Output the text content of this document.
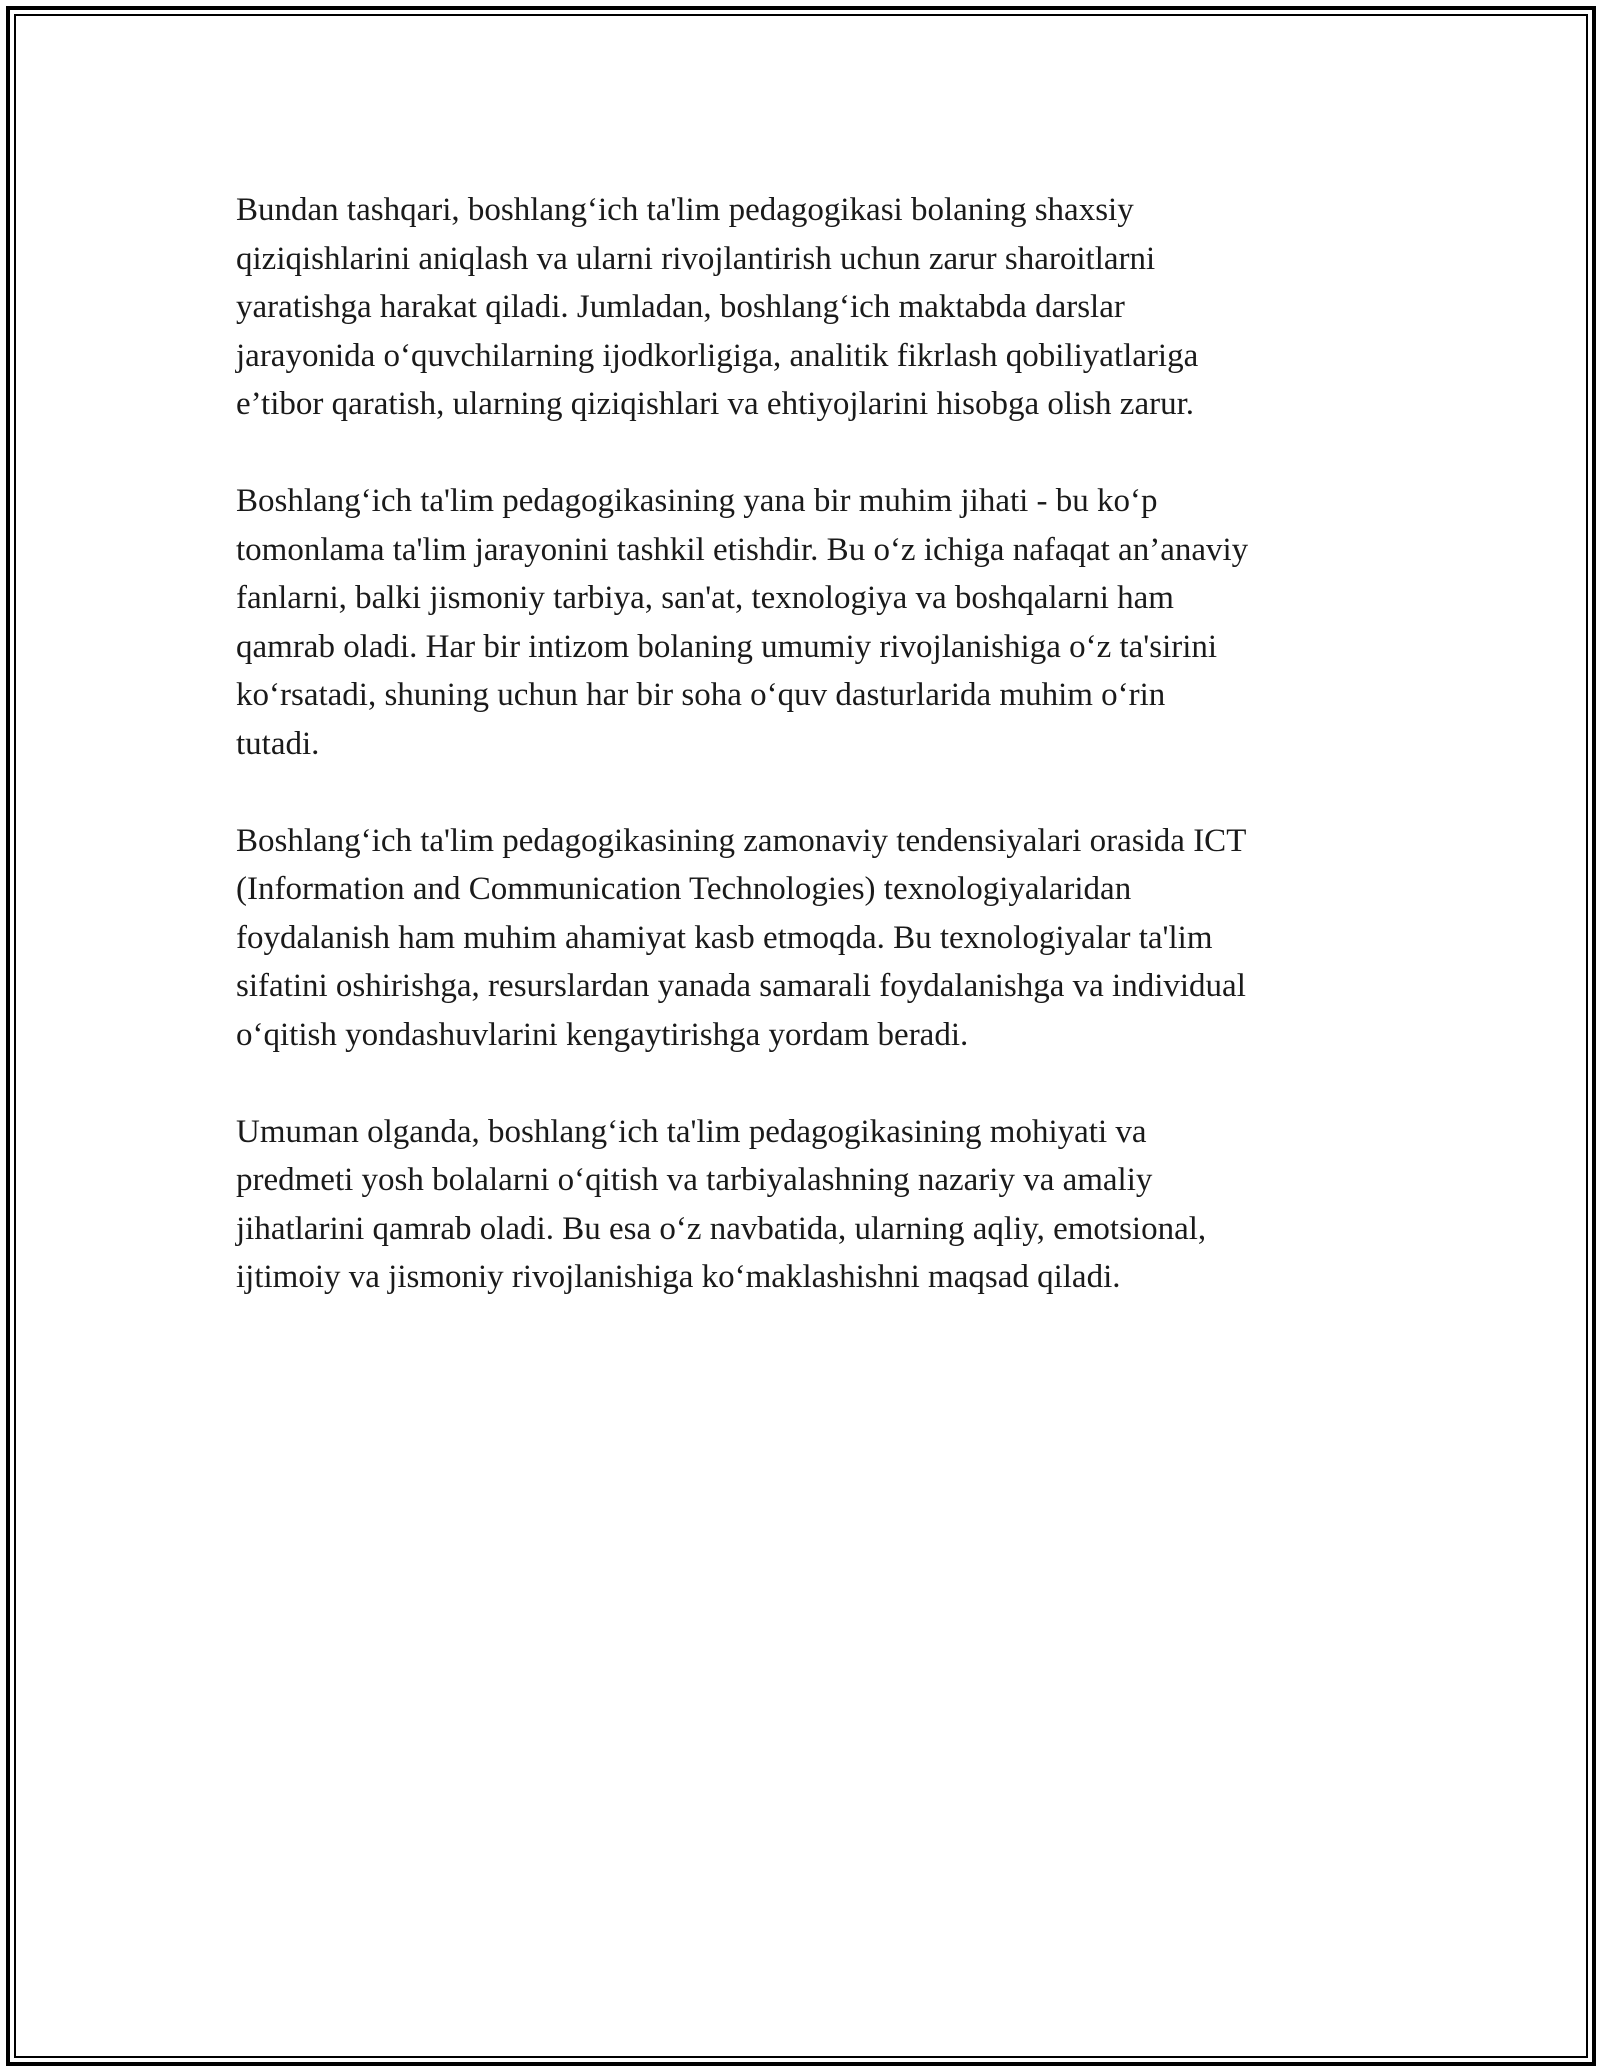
Bundan tashqari, boshlang‘ich ta'lim pedagogikasi bolaning shaxsiy
qiziqishlarini aniqlash va ularni rivojlantirish uchun zarur sharoitlarni
yaratishga harakat qiladi. Jumladan, boshlang‘ich maktabda darslar
jarayonida o‘quvchilarning ijodkorligiga, analitik fikrlash qobiliyatlariga
e’tibor qaratish, ularning qiziqishlari va ehtiyojlarini hisobga olish zarur.

Boshlang‘ich ta'lim pedagogikasining yana bir muhim jihati - bu ko‘p
tomonlama ta'lim jarayonini tashkil etishdir. Bu o‘z ichiga nafaqat an’anaviy
fanlarni, balki jismoniy tarbiya, san'at, texnologiya va boshqalarni ham
qamrab oladi. Har bir intizom bolaning umumiy rivojlanishiga o‘z ta'sirini
ko‘rsatadi, shuning uchun har bir soha o‘quv dasturlarida muhim o‘rin
tutadi.

Boshlang‘ich ta'lim pedagogikasining zamonaviy tendensiyalari orasida ICT
(Information and Communication Technologies) texnologiyalaridan
foydalanish ham muhim ahamiyat kasb etmoqda. Bu texnologiyalar ta'lim
sifatini oshirishga, resurslardan yanada samarali foydalanishga va individual
o‘qitish yondashuvlarini kengaytirishga yordam beradi.

Umuman olganda, boshlang‘ich ta'lim pedagogikasining mohiyati va
predmeti yosh bolalarni o‘qitish va tarbiyalashning nazariy va amaliy
jihatlarini qamrab oladi. Bu esa o‘z navbatida, ularning aqliy, emotsional,
ijtimoiy va jismoniy rivojlanishiga ko‘maklashishni maqsad qiladi.
